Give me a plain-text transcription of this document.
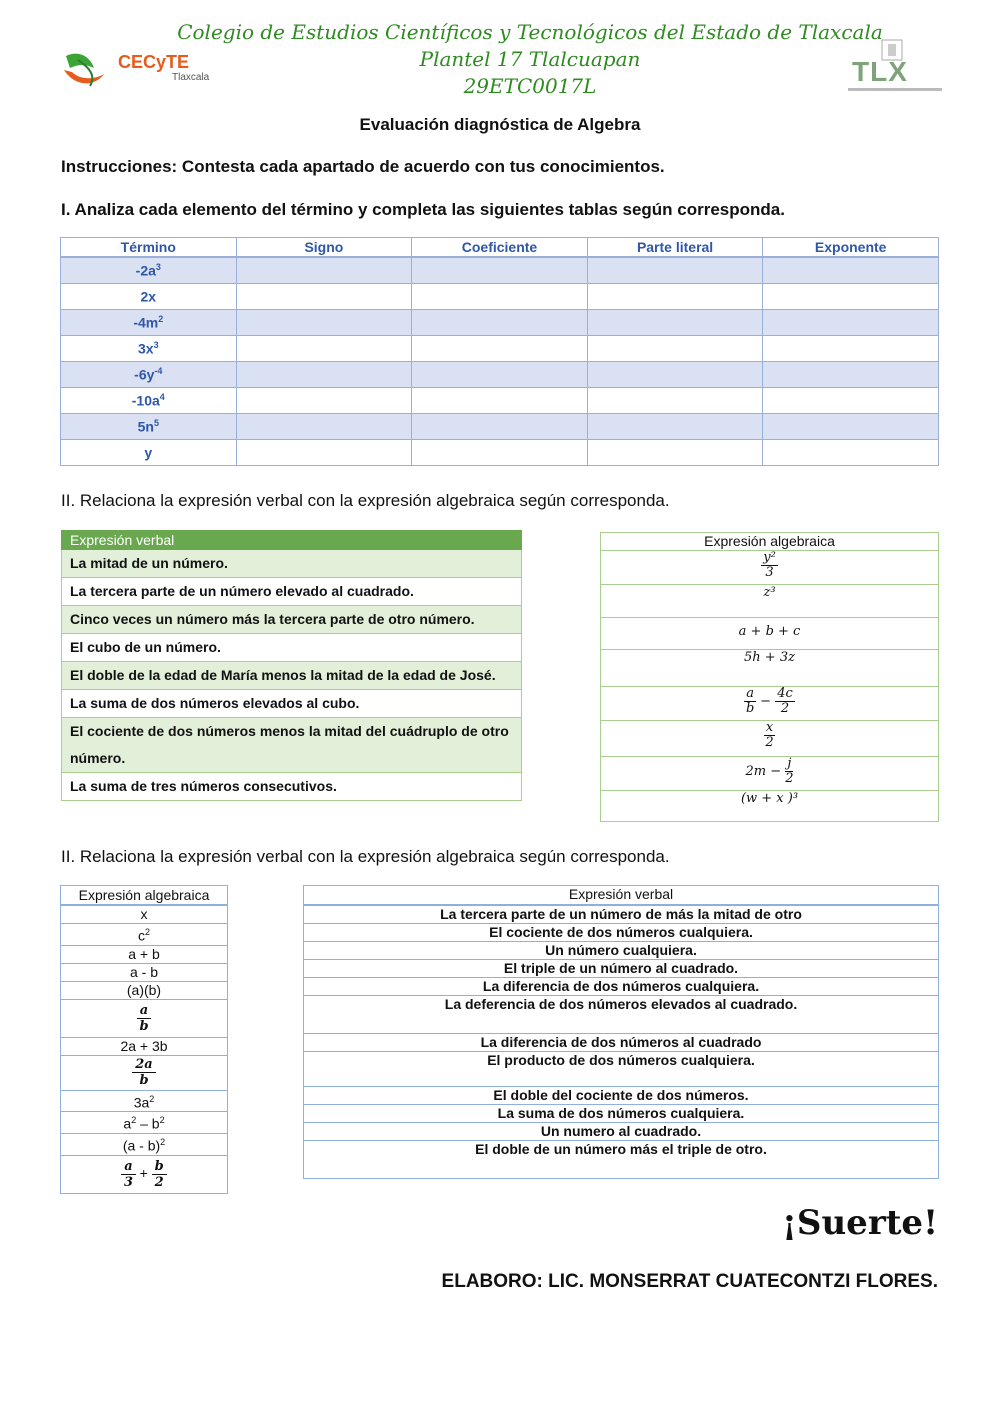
CECyTE
Tlaxcala
Colegio de Estudios Científicos y Tecnológicos del Estado de Tlaxcala
Plantel 17 Tlalcuapan
29ETC0017L	TLX
Evaluación diagnóstica de Algebra
Instrucciones: Contesta cada apartado de acuerdo con tus conocimientos.
I. Analiza cada elemento del término y completa las siguientes tablas según corresponda.
Término	Signo	Coeficiente	Parte literal	Exponente
$-2a^3$				
2x				
$-4m^2$				
$3x^3$				
$-6y^{-4}$				
$-10a^4$				
$5n^5$				
y				
II. Relaciona la expresión verbal con la expresión algebraica según corresponda.
Expresión verbal
La mitad de un número.
La tercera parte de un número elevado al cuadrado.
Cinco veces un número más la tercera parte de otro número.
El cubo de un número.
El doble de la edad de María menos la mitad de la edad de José.
La suma de dos números elevados al cubo.
El cociente de dos números menos la mitad del cuádruplo de otro número.
La suma de tres números consecutivos.
Expresión algebraica

$\frac{\text{y²}}{3}$

z³
a + b + c
5h + 3z

$\frac{a}{b} - \frac{4c}{2}$

$\frac{x}{2}$

$2m - \frac{j}{2}$

(w + x )³
II. Relaciona la expresión verbal con la expresión algebraica según corresponda.
Expresión algebraica
x
$c^2$
a + b
a - b
(a)(b)

$\frac{a}{b}$

2a + 3b

$\frac{2a}{b}$

$3a^2$
$a^2 - b^2$
(a - b)$^2$

$\frac{a}{3} + \frac{b}{2}$
Expresión verbal
La tercera parte de un número de más la mitad de otro
El cociente de dos números cualquiera.
Un número cualquiera.
El triple de un número al cuadrado.
La diferencia de dos números cualquiera.
La deferencia de dos números elevados al cuadrado.
La diferencia de dos números al cuadrado
El producto de dos números cualquiera.
El doble del cociente de dos números.
La suma de dos números cualquiera.
Un numero al cuadrado.
El doble de un número más el triple de otro.
¡Suerte!
ELABORO: LIC. MONSERRAT CUATECONTZI FLORES.
